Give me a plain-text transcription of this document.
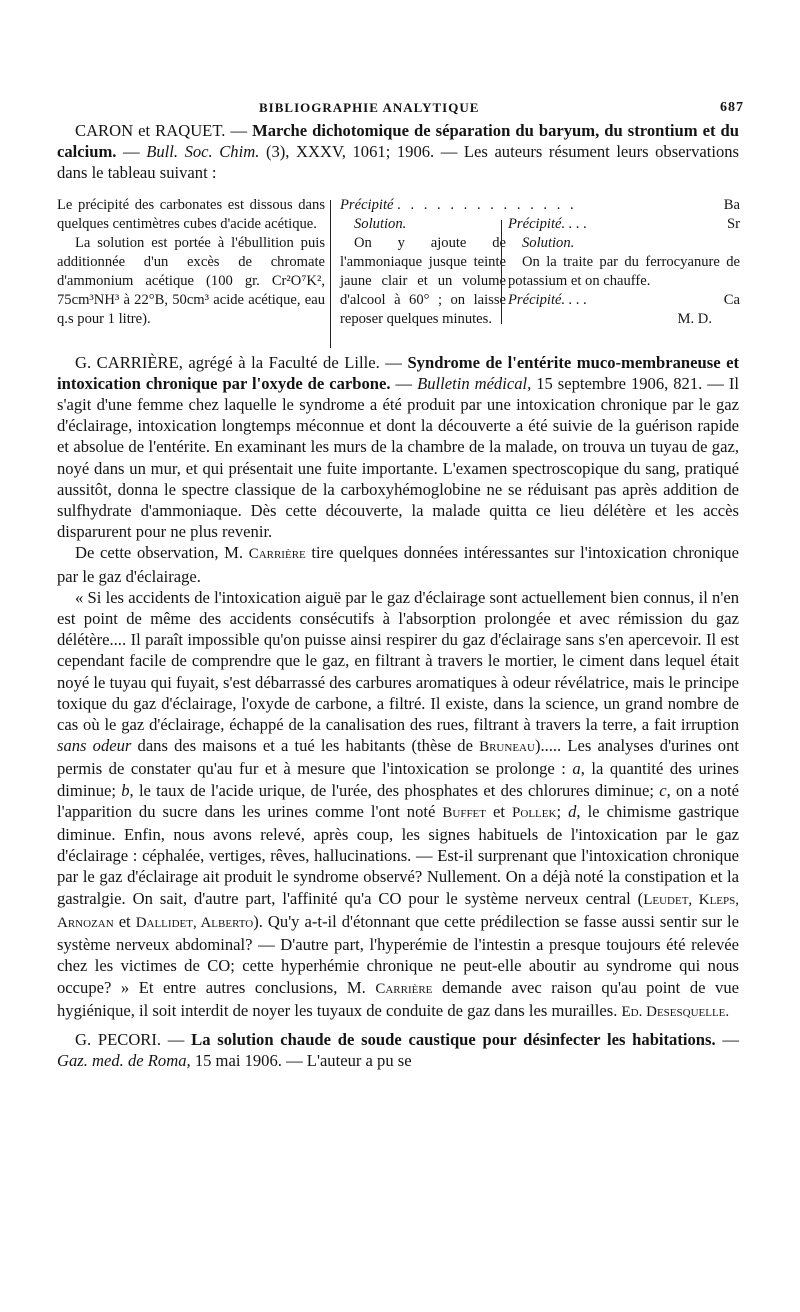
BIBLIOGRAPHIE ANALYTIQUE	687

CARON et RAQUET. — Marche dichotomique de séparation du baryum, du strontium et du calcium. — Bull. Soc. Chim. (3), XXXV, 1061; 1906. — Les auteurs résument leurs observations dans le tableau suivant :

Le précipité des carbonates est dissous dans quelques centimètres cubes d'acide acétique.

La solution est portée à l'ébullition puis additionnée d'un excès de chromate d'ammonium acétique (100 gr. Cr²O⁷K², 75cm³NH³ à 22°B, 50cm³ acide acétique, eau q.s pour 1 litre).

Précipité . . . . . . . . . . . . . .	Ba

Solution.

On y ajoute de l'ammoniaque jusque teinte jaune clair et un volume d'alcool à 60° ; on laisse reposer quelques minutes.

Précipité. . . .	Sr

Solution.

On la traite par du ferrocyanure de potassium et on chauffe.

Précipité. . . .	Ca

M. D.

G. CARRIÈRE, agrégé à la Faculté de Lille. — Syndrome de l'entérite muco-membraneuse et intoxication chronique par l'oxyde de carbone. — Bulletin médical, 15 septembre 1906, 821. — Il s'agit d'une femme chez laquelle le syndrome a été produit par une intoxication chronique par le gaz d'éclairage, intoxication longtemps méconnue et dont la découverte a été suivie de la guérison rapide et absolue de l'entérite. En examinant les murs de la chambre de la malade, on trouva un tuyau de gaz, noyé dans un mur, et qui présentait une fuite importante. L'examen spectroscopique du sang, pratiqué aussitôt, donna le spectre classique de la carboxyhémoglobine ne se réduisant pas après addition de sulfhydrate d'ammoniaque. Dès cette découverte, la malade quitta ce lieu délétère et les accès disparurent pour ne plus revenir.

De cette observation, M. Carrière tire quelques données intéressantes sur l'intoxication chronique par le gaz d'éclairage.

« Si les accidents de l'intoxication aiguë par le gaz d'éclairage sont actuellement bien connus, il n'en est point de même des accidents consécutifs à l'absorption prolongée et avec rémission du gaz délétère.... Il paraît impossible qu'on puisse ainsi respirer du gaz d'éclairage sans s'en apercevoir. Il est cependant facile de comprendre que le gaz, en filtrant à travers le mortier, le ciment dans lequel était noyé le tuyau qui fuyait, s'est débarrassé des carbures aromatiques à odeur révélatrice, mais le principe toxique du gaz d'éclairage, l'oxyde de carbone, a filtré. Il existe, dans la science, un grand nombre de cas où le gaz d'éclairage, échappé de la canalisation des rues, filtrant à travers la terre, a fait irruption sans odeur dans des maisons et a tué les habitants (thèse de Bruneau)..... Les analyses d'urines ont permis de constater qu'au fur et à mesure que l'intoxication se prolonge : a, la quantité des urines diminue; b, le taux de l'acide urique, de l'urée, des phosphates et des chlorures diminue; c, on a noté l'apparition du sucre dans les urines comme l'ont noté Buffet et Pollek; d, le chimisme gastrique diminue. Enfin, nous avons relevé, après coup, les signes habituels de l'intoxication par le gaz d'éclairage : céphalée, vertiges, rêves, hallucinations. — Est-il surprenant que l'intoxication chronique par le gaz d'éclairage ait produit le syndrome observé? Nullement. On a déjà noté la constipation et la gastralgie. On sait, d'autre part, l'affinité qu'a CO pour le système nerveux central (Leudet, Kleps, Arnozan et Dallidet, Alberto). Qu'y a-t-il d'étonnant que cette prédilection se fasse aussi sentir sur le système nerveux abdominal? — D'autre part, l'hyperémie de l'intestin a presque toujours été relevée chez les victimes de CO; cette hyperhémie chronique ne peut-elle aboutir au syndrome qui nous occupe? » Et entre autres conclusions, M. Carrière demande avec raison qu'au point de vue hygiénique, il soit interdit de noyer les tuyaux de conduite de gaz dans les murailles. Ed. Desesquelle.

G. PECORI. — La solution chaude de soude caustique pour désinfecter les habitations. — Gaz. med. de Roma, 15 mai 1906. — L'auteur a pu se
